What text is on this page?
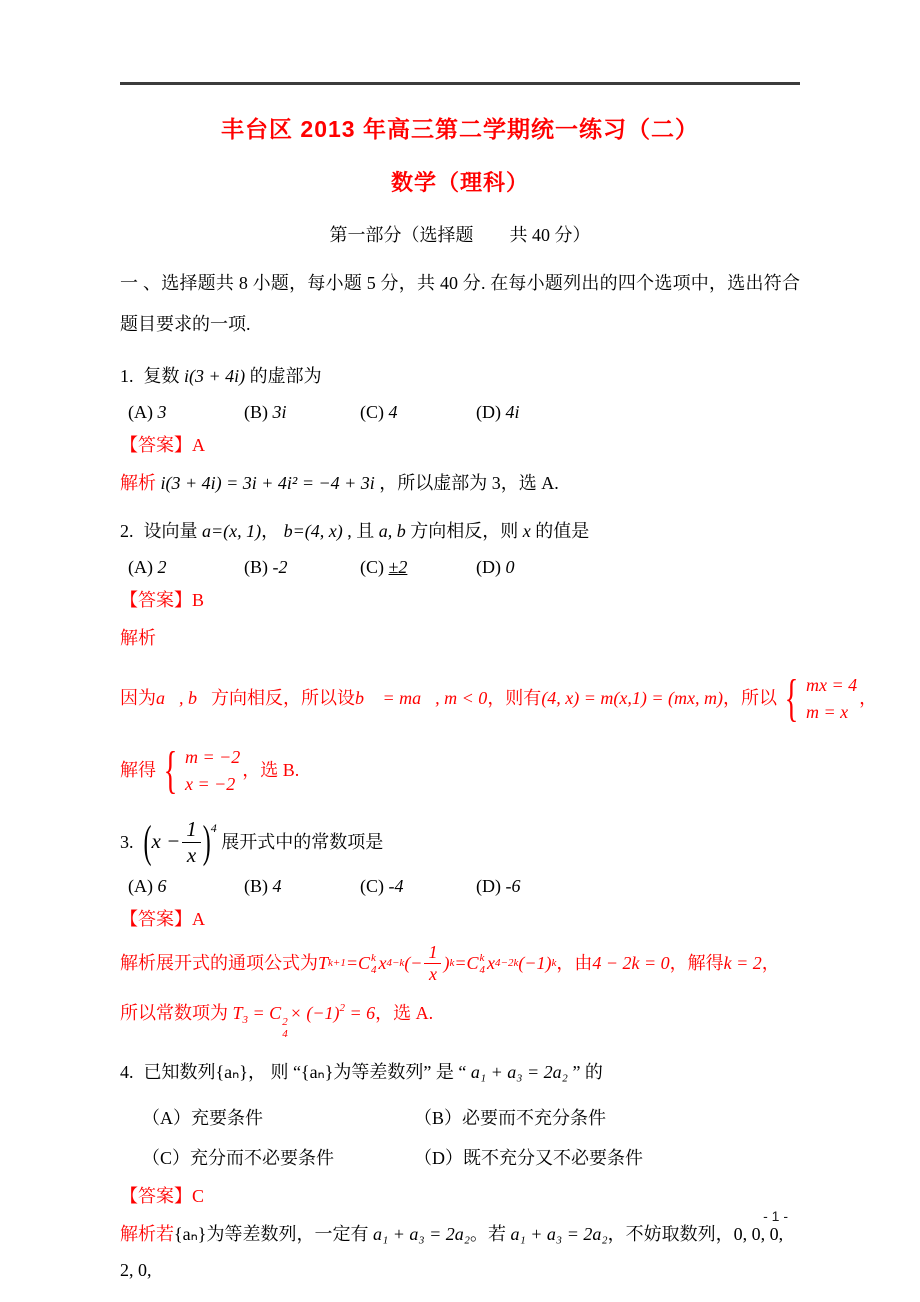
丰台区 2013 年高三第二学期统一练习（二）
数学（理科）
第一部分（选择题　　共 40 分）

一 、选择题共 8 小题，每小题 5 分，共 40 分. 在每小题列出的四个选项中，选出符合题目要求的一项.

1. 复数 i(3 + 4i) 的虚部为

(A) 3	(B) 3i	(C) 4	(D) 4i

【答案】A

解析 i(3 + 4i) = 3i + 4i² = −4 + 3i ，所以虚部为 3，选 A.

2. 设向量 a=(x, 1)， b=(4, x) , 且 a, b 方向相反，则 x 的值是

(A) 2	(B) -2	(C) ±2	(D) 0

【答案】B

解析

因为 a⃗, b⃗ 方向相反，所以设 b⃗ = ma⃗, m < 0 ，则有 (4, x) = m(x,1) = (mx, m) ，所以 { mx = 4
m = x
，
解得 { m = −2
x = −2
，选 B.

3. $(x - \frac{1}{x} )^4$ 展开式中的常数项是

(A) 6	(B) 4	(C) -4	(D) -6

【答案】A

解析 展开式的通项公式为 T k+1 = C k
4 x 4−k (− $\frac{1}{x}$ ) k = C k
4 x 4−2k (−1) k ，由 4 − 2k = 0 ，解得 k = 2 ，
所以常数项为 $T_3 = C$ 2
4
× $(-1)^2 = 6$，选 A.

4. 已知数列{aₙ}， 则 “{aₙ}为等差数列” 是 “ a₁ + a₃ = 2a₂ ” 的

（A）充要条件	（B）必要而不充分条件

（C）充分而不必要条件	（D）既不充分又不必要条件

【答案】C

解析若{aₙ}为等差数列，一定有 a₁ + a₃ = 2a₂。若 a₁ + a₃ = 2a₂，不妨取数列，0, 0, 0, 2, 0,

- 1 -
